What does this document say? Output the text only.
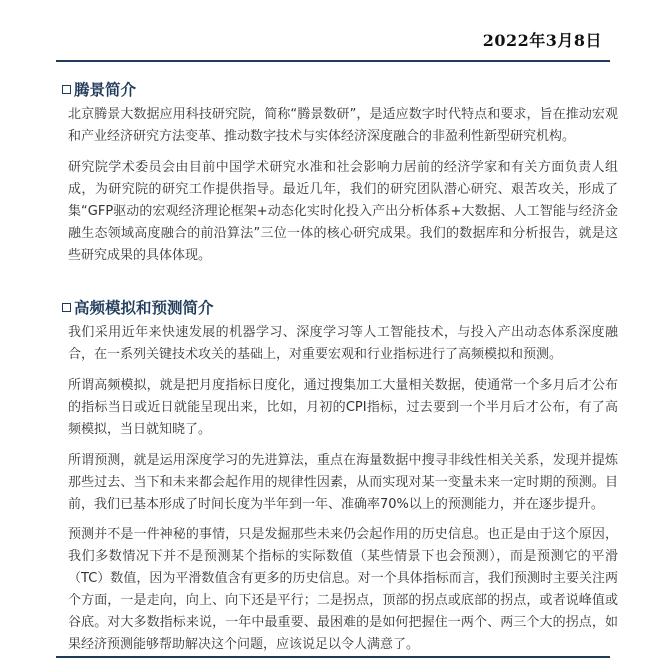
2022年3月8日
腾景简介

北京腾景大数据应用科技研究院，简称“腾景数研”，是适应数字时代特点和要求，旨在推动宏观和产业经济研究方法变革、推动数字技术与实体经济深度融合的非盈利性新型研究机构。

研究院学术委员会由目前中国学术研究水准和社会影响力居前的经济学家和有关方面负责人组成，为研究院的研究工作提供指导。最近几年，我们的研究团队潜心研究、艰苦攻关，形成了集“GFP驱动的宏观经济理论框架+动态化实时化投入产出分析体系+大数据、人工智能与经济金融生态领域高度融合的前沿算法”三位一体的核心研究成果。我们的数据库和分析报告，就是这些研究成果的具体体现。

高频模拟和预测简介

我们采用近年来快速发展的机器学习、深度学习等人工智能技术，与投入产出动态体系深度融合，在一系列关键技术攻关的基础上，对重要宏观和行业指标进行了高频模拟和预测。

所谓高频模拟，就是把月度指标日度化，通过搜集加工大量相关数据，使通常一个多月后才公布的指标当日或近日就能呈现出来，比如，月初的CPI指标，过去要到一个半月后才公布，有了高频模拟，当日就知晓了。

所谓预测，就是运用深度学习的先进算法，重点在海量数据中搜寻非线性相关关系，发现并提炼那些过去、当下和未来都会起作用的规律性因素，从而实现对某一变量未来一定时期的预测。目前，我们已基本形成了时间长度为半年到一年、准确率70%以上的预测能力，并在逐步提升。

预测并不是一件神秘的事情，只是发掘那些未来仍会起作用的历史信息。也正是由于这个原因，我们多数情况下并不是预测某个指标的实际数值（某些情景下也会预测），而是预测它的平滑（TC）数值，因为平滑数值含有更多的历史信息。对一个具体指标而言，我们预测时主要关注两个方面，一是走向，向上、向下还是平行；二是拐点，顶部的拐点或底部的拐点，或者说峰值或谷底。对大多数指标来说，一年中最重要、最困难的是如何把握住一两个、两三个大的拐点，如果经济预测能够帮助解决这个问题，应该说足以令人满意了。
